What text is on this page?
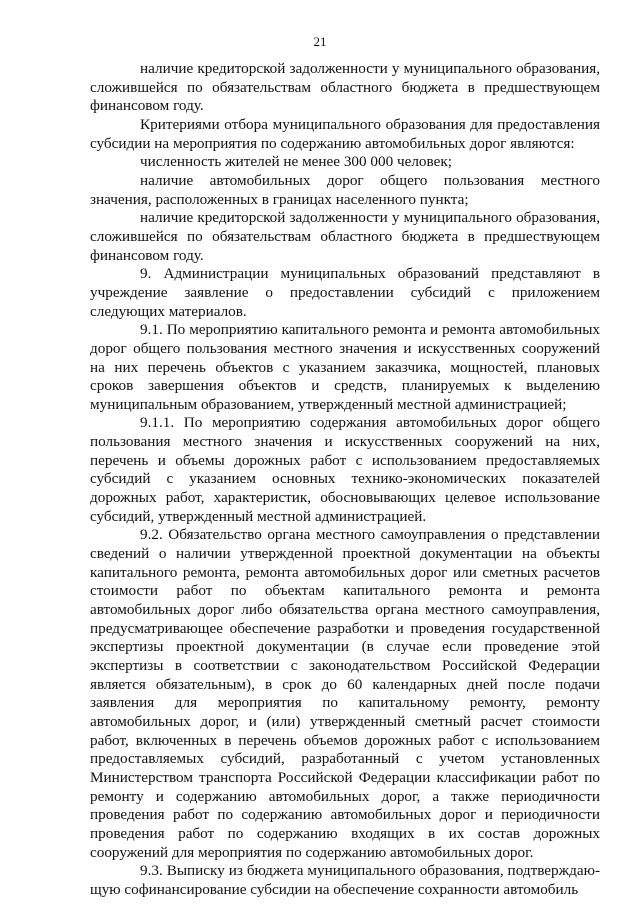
21

наличие кредиторской задолженности у муниципального образования, сложившейся по обязательствам областного бюджета в предшествующем финансовом году.

Критериями отбора муниципального образования для предоставления субсидии на мероприятия по содержанию автомобильных дорог являются:

численность жителей не менее 300 000 человек;

наличие автомобильных дорог общего пользования местного значения, расположенных в границах населенного пункта;

наличие кредиторской задолженности у муниципального образования, сложившейся по обязательствам областного бюджета в предшествующем финансовом году.

9. Администрации муниципальных образований представляют в учреждение заявление о предоставлении субсидий с приложением следующих материалов.

9.1. По мероприятию капитального ремонта и ремонта автомобильных дорог общего пользования местного значения и искусственных сооружений на них перечень объектов с указанием заказчика, мощностей, плановых сроков завершения объектов и средств, планируемых к выделению муниципальным образованием, утвержденный местной администрацией;

9.1.1. По мероприятию содержания автомобильных дорог общего пользования местного значения и искусственных сооружений на них, перечень и объемы дорожных работ с использованием предоставляемых субсидий с указанием основных технико-экономических показателей дорожных работ, характеристик, обосновывающих целевое использование субсидий, утвержденный местной администрацией.

9.2. Обязательство органа местного самоуправления о представлении сведений о наличии утвержденной проектной документации на объекты капитального ремонта, ремонта автомобильных дорог или сметных расчетов стоимости работ по объектам капитального ремонта и ремонта автомобильных дорог либо обязательства органа местного самоуправления, предусматривающее обеспечение разработки и проведения государственной экспертизы проектной документации (в случае если проведение этой экспертизы в соответствии с законодательством Российской Федерации является обязательным), в срок до 60 календарных дней после подачи заявления для мероприятия по капитальному ремонту, ремонту автомобильных дорог, и (или) утвержденный сметный расчет стоимости работ, включенных в перечень объемов дорожных работ с использованием предоставляемых субсидий, разработанный с учетом установленных Министерством транспорта Российской Федерации классификации работ по ремонту и содержанию автомобильных дорог, а также периодичности проведения работ по содержанию автомобильных дорог и периодичности проведения работ по содержанию входящих в их состав дорожных сооружений для мероприятия по содержанию автомобильных дорог.

9.3. Выписку из бюджета муниципального образования, подтверждающую софинансирование субсидии на обеспечение сохранности автомобиль
